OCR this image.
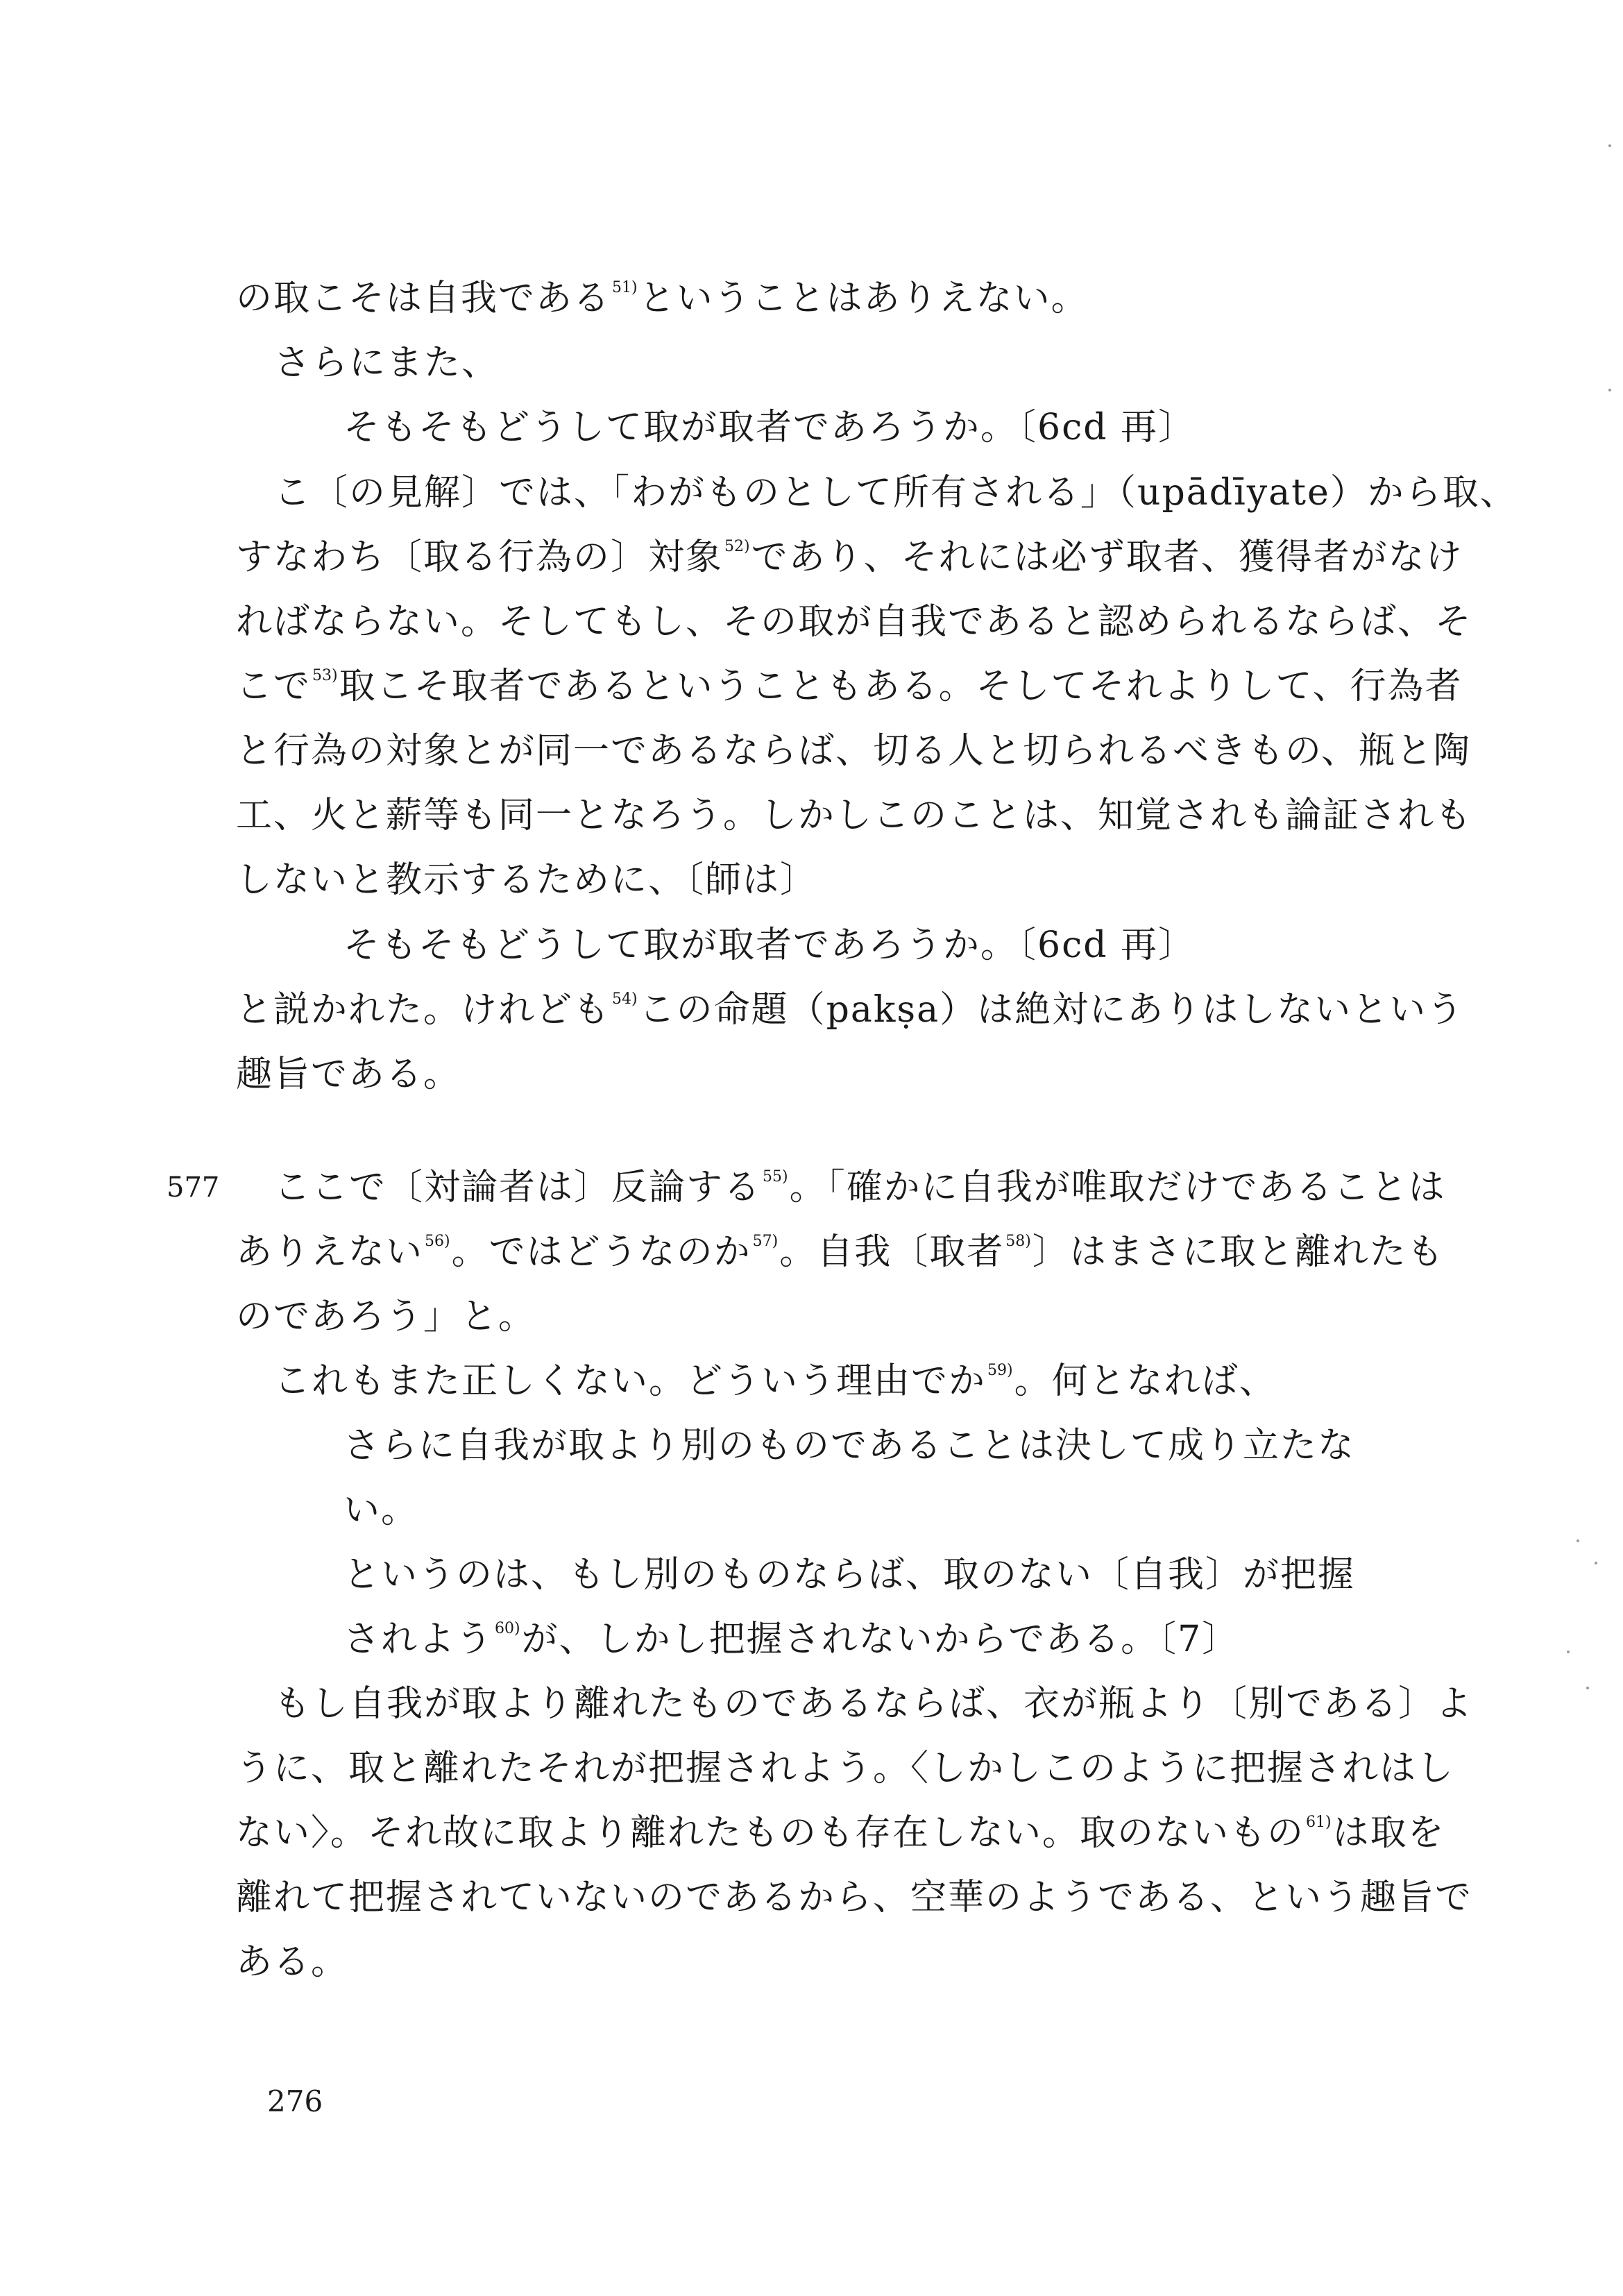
の取こそは自我である$^{51)}$ということはありえない。
さらにまた、
そもそもどうして取が取者であろうか。〔6cd 再〕
こ〔の見解〕では、「わがものとして所有される」（upādīyate）から取、
すなわち〔取る行為の〕対象$^{52)}$であり、それには必ず取者、獲得者がなけ
ればならない。そしてもし、その取が自我であると認められるならば、そ
こで$^{53)}$取こそ取者であるということもある。そしてそれよりして、行為者
と行為の対象とが同一であるならば、切る人と切られるべきもの、瓶と陶
工、火と薪等も同一となろう。しかしこのことは、知覚されも論証されも
しないと教示するために、〔師は〕
そもそもどうして取が取者であろうか。〔6cd 再〕
と説かれた。けれども$^{54)}$この命題（pakṣa）は絶対にありはしないという
趣旨である。
ここで〔対論者は〕反論する$^{55)}$。「確かに自我が唯取だけであることは
ありえない$^{56)}$。ではどうなのか$^{57)}$。自我〔取者$^{58)}$〕はまさに取と離れたも
のであろう」と。
これもまた正しくない。どういう理由でか$^{59)}$。何となれば、
さらに自我が取より別のものであることは決して成り立たな
い。
というのは、もし別のものならば、取のない〔自我〕が把握
されよう$^{60)}$が、しかし把握されないからである。〔7〕
もし自我が取より離れたものであるならば、衣が瓶より〔別である〕よ
うに、取と離れたそれが把握されよう。〈しかしこのように把握されはし
ない〉。それ故に取より離れたものも存在しない。取のないもの$^{61)}$は取を
離れて把握されていないのであるから、空華のようである、という趣旨で
ある。
577
276
